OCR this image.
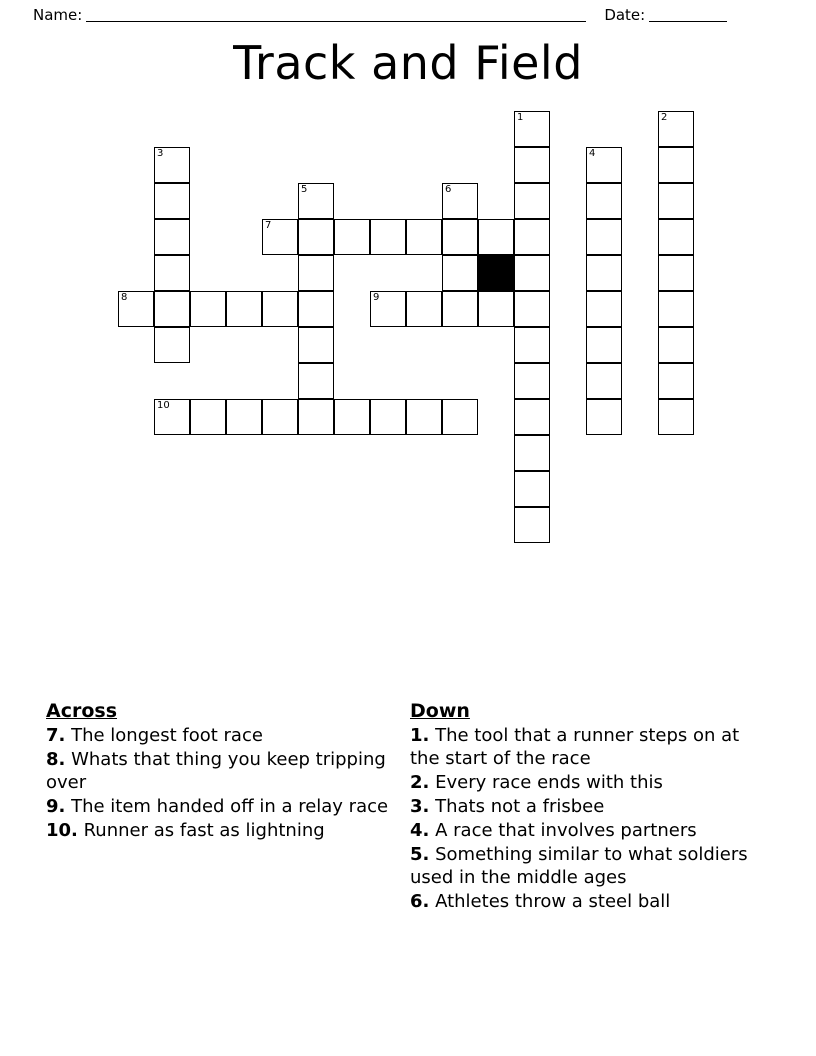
Name:	Date:
Track and Field
1	2
3	4
5	6
7
8	9
10
Across
7. The longest foot race
8. Whats that thing you keep tripping over
9. The item handed off in a relay race
10. Runner as fast as lightning
Down
1. The tool that a runner steps on at the start of the race
2. Every race ends with this
3. Thats not a frisbee
4. A race that involves partners
5. Something similar to what soldiers used in the middle ages
6. Athletes throw a steel ball
